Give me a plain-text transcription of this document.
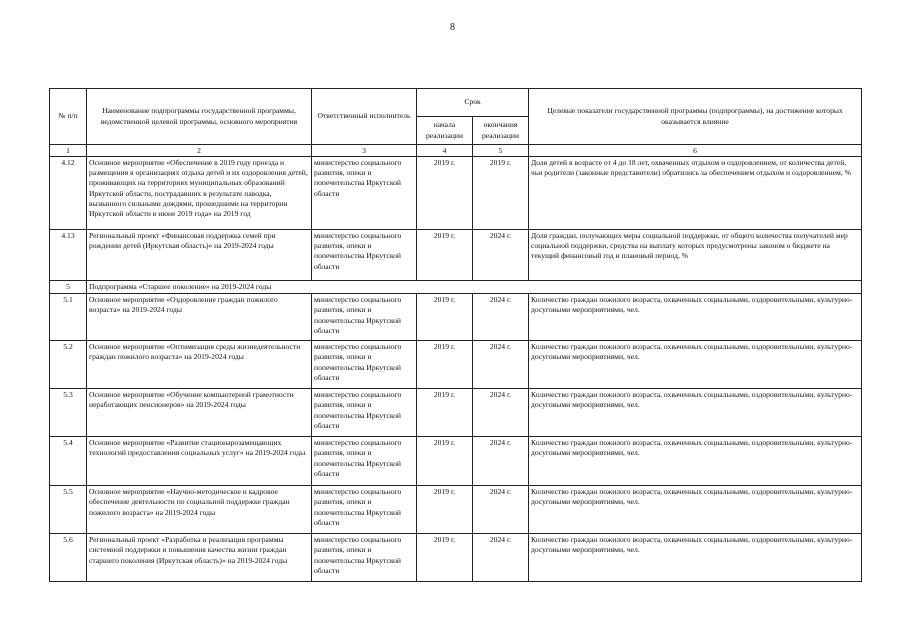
8
№ п/п	Наименование подпрограммы государственной программы, ведомственной целевой программы, основного мероприятия	Ответственный исполнитель	Срок		Целевые показатели государственной программы (подпрограммы), на достижение которых оказывается влияние
			начала реализации	окончания реализации	
1	2	3	4	5	6
4.12	Основное мероприятие «Обеспечение в 2019 году проезда и размещения в организациях отдыха детей и их оздоровления детей, проживающих на территориях муниципальных образований Иркутской области, пострадавших в результате паводка, вызванного сильными дождями, прошедшими на территории Иркутской области в июне 2019 года» на 2019 год	министерство социального развития, опеки и попечительства Иркутской области	2019 г.	2019 г.	Доля детей в возрасте от 4 до 18 лет, охваченных отдыхом и оздоровлением, от количества детей, чьи родители (законные представители) обратились за обеспечением отдыхом и оздоровлением, %
4.13	Региональный проект «Финансовая поддержка семей при рождении детей (Иркутская область)» на 2019-2024 годы	министерство социального развития, опеки и попечительства Иркутской области	2019 г.	2024 г.	Доля граждан, получающих меры социальной поддержки, от общего количества получателей мер социальной поддержки, средства на выплату которых предусмотрены законом о бюджете на текущий финансовый год и плановый период, %
5	Подпрограмма «Старшее поколение» на 2019-2024 годы				
5.1	Основное мероприятие «Оздоровление граждан пожилого возраста» на 2019-2024 годы	министерство социального развития, опеки и попечительства Иркутской области	2019 г.	2024 г.	Количество граждан пожилого возраста, охваченных социальными, оздоровительными, культурно-досуговыми мероприятиями, чел.
5.2	Основное мероприятие «Оптимизация среды жизнедеятельности граждан пожилого возраста» на 2019-2024 годы	министерство социального развития, опеки и попечительства Иркутской области	2019 г.	2024 г.	Количество граждан пожилого возраста, охваченных социальными, оздоровительными, культурно-досуговыми мероприятиями, чел.
5.3	Основное мероприятие «Обучение компьютерной грамотности неработающих пенсионеров» на 2019-2024 годы	министерство социального развития, опеки и попечительства Иркутской области	2019 г.	2024 г.	Количество граждан пожилого возраста, охваченных социальными, оздоровительными, культурно-досуговыми мероприятиями, чел.
5.4	Основное мероприятие «Развитие стационарозамещающих технологий предоставления социальных услуг» на 2019-2024 годы	министерство социального развития, опеки и попечительства Иркутской области	2019 г.	2024 г.	Количество граждан пожилого возраста, охваченных социальными, оздоровительными, культурно-досуговыми мероприятиями, чел.
5.5	Основное мероприятие «Научно-методическое и кадровое обеспечение деятельности по социальной поддержке граждан пожилого возраста» на 2019-2024 годы	министерство социального развития, опеки и попечительства Иркутской области	2019 г.	2024 г.	Количество граждан пожилого возраста, охваченных социальными, оздоровительными, культурно-досуговыми мероприятиями, чел.
5.6	Региональный проект «Разработка и реализация программы системной поддержки и повышения качества жизни граждан старшего поколения (Иркутская область)» на 2019-2024 годы	министерство социального развития, опеки и попечительства Иркутской области	2019 г.	2024 г.	Количество граждан пожилого возраста, охваченных социальными, оздоровительными, культурно-досуговыми мероприятиями, чел.
